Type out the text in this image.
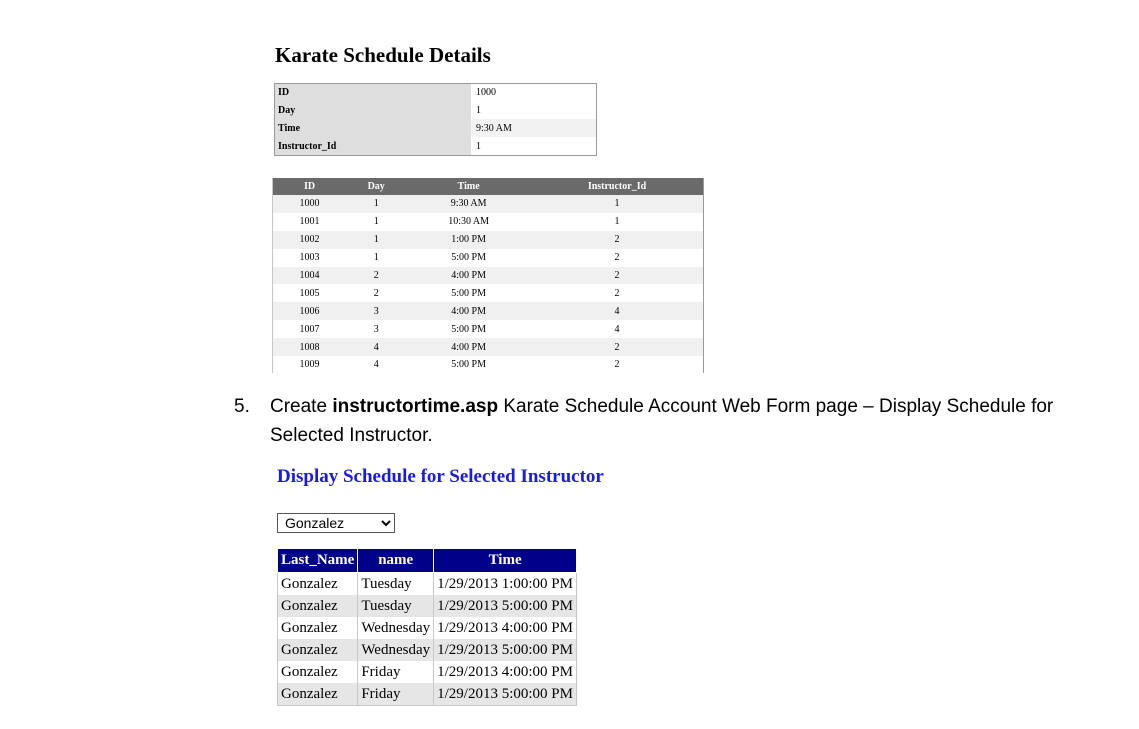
Karate Schedule Details
ID	1000
Day	1
Time	9:30 AM
Instructor_Id	1
ID	Day	Time	Instructor_Id
1000	1	9:30 AM	1
1001	1	10:30 AM	1
1002	1	1:00 PM	2
1003	1	5:00 PM	2
1004	2	4:00 PM	2
1005	2	5:00 PM	2
1006	3	4:00 PM	4
1007	3	5:00 PM	4
1008	4	4:00 PM	2
1009	4	5:00 PM	2
5. Create instructortime.asp Karate Schedule Account Web Form page – Display Schedule for Selected Instructor.
Display Schedule for Selected Instructor
Gonzalez
Last_Name	name	Time
Gonzalez	Tuesday	1/29/2013 1:00:00 PM
Gonzalez	Tuesday	1/29/2013 5:00:00 PM
Gonzalez	Wednesday	1/29/2013 4:00:00 PM
Gonzalez	Wednesday	1/29/2013 5:00:00 PM
Gonzalez	Friday	1/29/2013 4:00:00 PM
Gonzalez	Friday	1/29/2013 5:00:00 PM
